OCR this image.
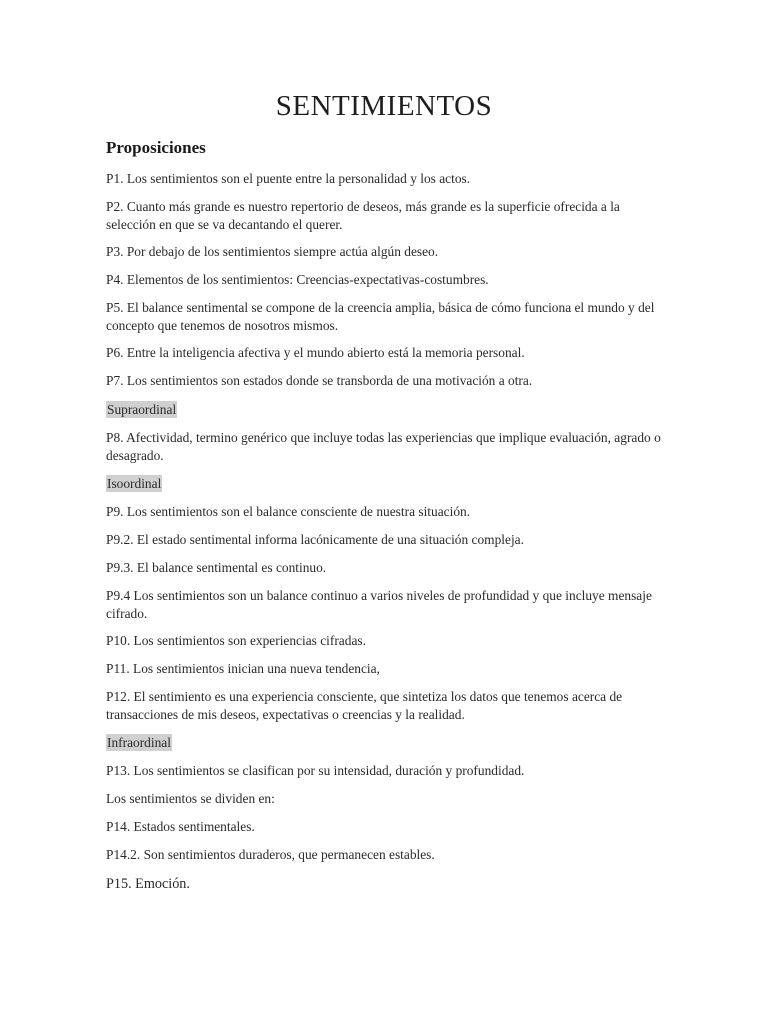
SENTIMIENTOS
Proposiciones

P1. Los sentimientos son el puente entre la personalidad y los actos.

P2. Cuanto más grande es nuestro repertorio de deseos, más grande es la superficie ofrecida a la selección en que se va decantando el querer.

P3. Por debajo de los sentimientos siempre actúa algún deseo.

P4. Elementos de los sentimientos: Creencias-expectativas-costumbres.

P5. El balance sentimental se compone de la creencia amplia, básica de cómo funciona el mundo y del concepto que tenemos de nosotros mismos.

P6. Entre la inteligencia afectiva y el mundo abierto está la memoria personal.

P7. Los sentimientos son estados donde se transborda de una motivación a otra.

Supraordinal

P8. Afectividad, termino genérico que incluye todas las experiencias que implique evaluación, agrado o desagrado.

Isoordinal

P9. Los sentimientos son el balance consciente de nuestra situación.

P9.2. El estado sentimental informa lacónicamente de una situación compleja.

P9.3. El balance sentimental es continuo.

P9.4 Los sentimientos son un balance continuo a varios niveles de profundidad y que incluye mensaje cifrado.

P10. Los sentimientos son experiencias cifradas.

P11. Los sentimientos inician una nueva tendencia,

P12. El sentimiento es una experiencia consciente, que sintetiza los datos que tenemos acerca de transacciones de mis deseos, expectativas o creencias y la realidad.

Infraordinal

P13. Los sentimientos se clasifican por su intensidad, duración y profundidad.

Los sentimientos se dividen en:

P14. Estados sentimentales.

P14.2. Son sentimientos duraderos, que permanecen estables.

P15. Emoción.
